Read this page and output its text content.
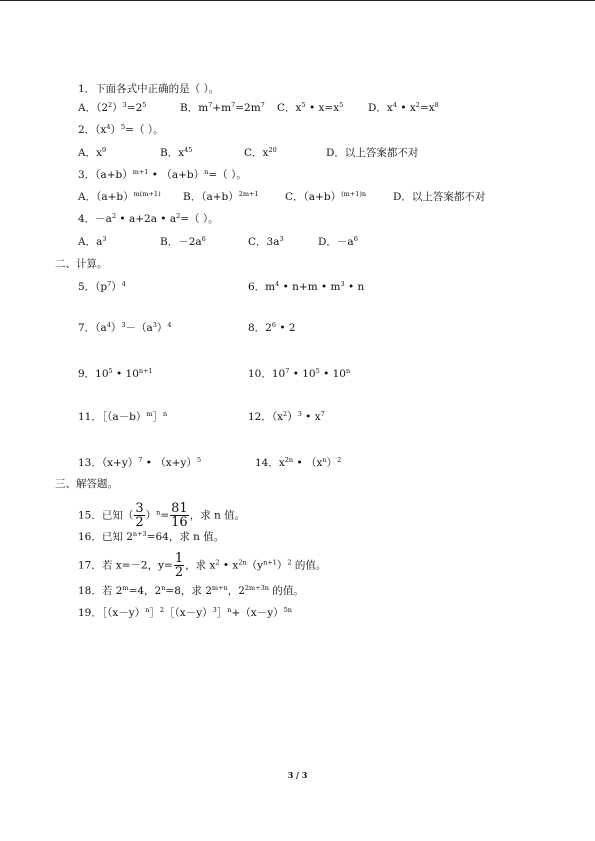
1．下面各式中正确的是（ ）。
A．$(2^2)^3=2^5$	B．$m^7+m^7=2m^7$ C．$x^5$ • $x=x^5$ D．$x^4$ • $x^2=x^8$
2．$(x^4)^5=$（ ）。
A．$x^9$	B．$x^{45}$	C．$x^{20}$	D．以上答案都不对
3．$(a+b)^{m+1}$ • $(a+b)^n=$（ ）。
A．$(a+b)^{m(m+1)}$ B．$(a+b)^{2m+1}$	C．$(a+b)^{(m+1)n}$	D．以上答案都不对
4．$-a^2$ • a+2a • $a^2=$（ ）。
A．$a^3$	B．$-2a^6$	C．$3a^3$	D．$-a^6$
二、计算。
5．$(p^7)^4$	6．$m^4$ • n+m • $m^3$ • n
7．$(a^4)^3-(a^3)^4$	8．$2^6$ • 2
9．$10^5$ • $10^{n+1}$	10．$10^7$ • $10^5$ • 10$^n$
11．$[(a-b)^m]^n$	12．$(x^2)^3$ • $x^7$
13．$(x+y)^7$ • $(x+y)^5$	14．$x^{2n}$ • $(x^n)^2$
三、解答题。
15．已知（ $\frac{3}{2} )^n= \frac{81}{16}$ ，求 n 值。
16．已知 $2^{n+3}=64$，求 n 值。
17．若 x=－2，$y= \frac{1}{2}$ ，求 $x^2$ • $x^{2n}(y^{n+1})^2$ 的值。
18．若 $2^m=4$，$2^n=8$，求 $2^{m+n}$，$2^{2m+3n}$ 的值。
19．$[(x-y)^n]^2[(x-y)^3]^n+(x-y)^{5n}$
3 / 3
